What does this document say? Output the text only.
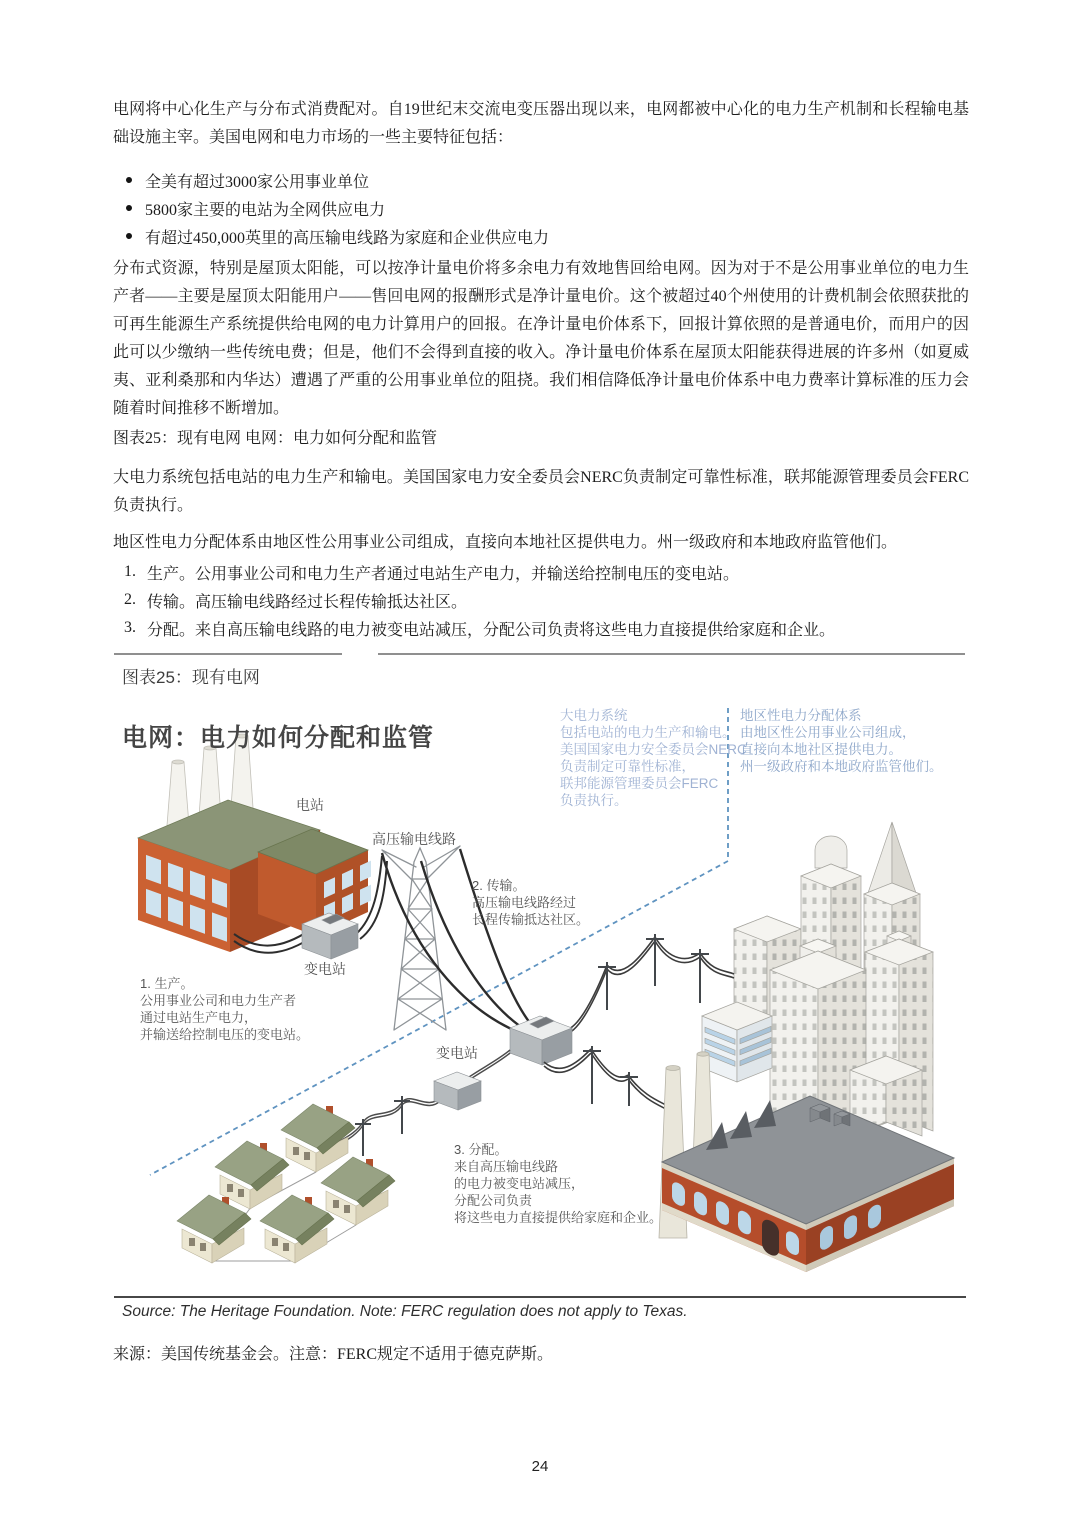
电网将中心化生产与分布式消费配对。自19世纪末交流电变压器出现以来，电网都被中心化的电力生产机制和长程输电基础设施主宰。美国电网和电力市场的一些主要特征包括：

全美有超过3000家公用事业单位
5800家主要的电站为全网供应电力
有超过450,000英里的高压输电线路为家庭和企业供应电力

分布式资源，特别是屋顶太阳能，可以按净计量电价将多余电力有效地售回给电网。因为对于不是公用事业单位的电力生产者——主要是屋顶太阳能用户——售回电网的报酬形式是净计量电价。这个被超过40个州使用的计费机制会依照获批的可再生能源生产系统提供给电网的电力计算用户的回报。在净计量电价体系下，回报计算依照的是普通电价，而用户的因此可以少缴纳一些传统电费；但是，他们不会得到直接的收入。净计量电价体系在屋顶太阳能获得进展的许多州（如夏威夷、亚利桑那和内华达）遭遇了严重的公用事业单位的阻挠。我们相信降低净计量电价体系中电力费率计算标准的压力会随着时间推移不断增加。

图表25：现有电网 电网：电力如何分配和监管

大电力系统包括电站的电力生产和输电。美国国家电力安全委员会NERC负责制定可靠性标准，联邦能源管理委员会FERC负责执行。

地区性电力分配体系由地区性公用事业公司组成，直接向本地社区提供电力。州一级政府和本地政府监管他们。

1. 生产。公用事业公司和电力生产者通过电站生产电力，并输送给控制电压的变电站。
2. 传输。高压输电线路经过长程传输抵达社区。
3. 分配。来自高压输电线路的电力被变电站减压，分配公司负责将这些电力直接提供给家庭和企业。
图表25：现有电网
电网：电力如何分配和监管
大电力系统
包括电站的电力生产和输电。
美国国家电力安全委员会NERC
负责制定可靠性标准，
联邦能源管理委员会FERC
负责执行。
地区性电力分配体系
由地区性公用事业公司组成，
直接向本地社区提供电力。
州一级政府和本地政府监管他们。
电站
高压输电线路
变电站
变电站
1. 生产。
公用事业公司和电力生产者
通过电站生产电力，
并输送给控制电压的变电站。
2. 传输。
高压输电线路经过
长程传输抵达社区。
3. 分配。
来自高压输电线路
的电力被变电站减压，
分配公司负责
将这些电力直接提供给家庭和企业。
Source: The Heritage Foundation. Note: FERC regulation does not apply to Texas.

来源：美国传统基金会。注意：FERC规定不适用于德克萨斯。

24
